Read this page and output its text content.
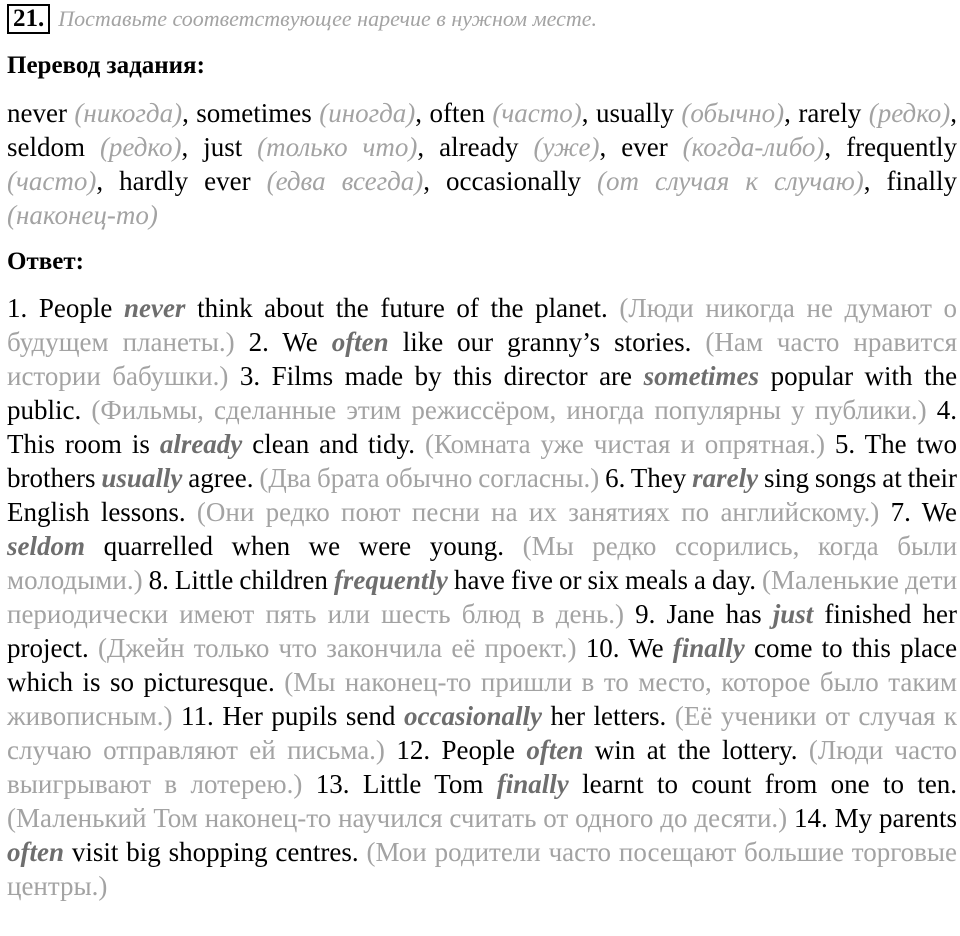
21. Поставьте соответствующее наречие в нужном месте.
Перевод задания:
never (никогда), sometimes (иногда), often (часто), usually (обычно), rarely (редко), seldom (редко), just (только что), already (уже), ever (когда-либо), frequently (часто), hardly ever (едва всегда), occasionally (от случая к случаю), finally (наконец-то)
Ответ:
1. People never think about the future of the planet. (Люди никогда не думают о будущем планеты.) 2. We often like our granny’s stories. (Нам часто нравится истории бабушки.) 3. Films made by this director are sometimes popular with the public. (Фильмы, сделанные этим режиссёром, иногда популярны у публики.) 4. This room is already clean and tidy. (Комната уже чистая и опрятная.) 5. The two brothers usually agree. (Два брата обычно согласны.) 6. They rarely sing songs at their English lessons. (Они редко поют песни на их занятиях по английскому.) 7. We seldom quarrelled when we were young. (Мы редко ссорились, когда были молодыми.) 8. Little children frequently have five or six meals a day. (Маленькие дети периодически имеют пять или шесть блюд в день.) 9. Jane has just finished her project. (Джейн только что закончила её проект.) 10. We finally come to this place which is so picturesque. (Мы наконец-то пришли в то место, которое было таким живописным.) 11. Her pupils send occasionally her letters. (Её ученики от случая к случаю отправляют ей письма.) 12. People often win at the lottery. (Люди часто выигрывают в лотерею.) 13. Little Tom finally learnt to count from one to ten. (Маленький Том наконец-то научился считать от одного до десяти.) 14. My parents often visit big shopping centres. (Мои родители часто посещают большие торговые центры.)
